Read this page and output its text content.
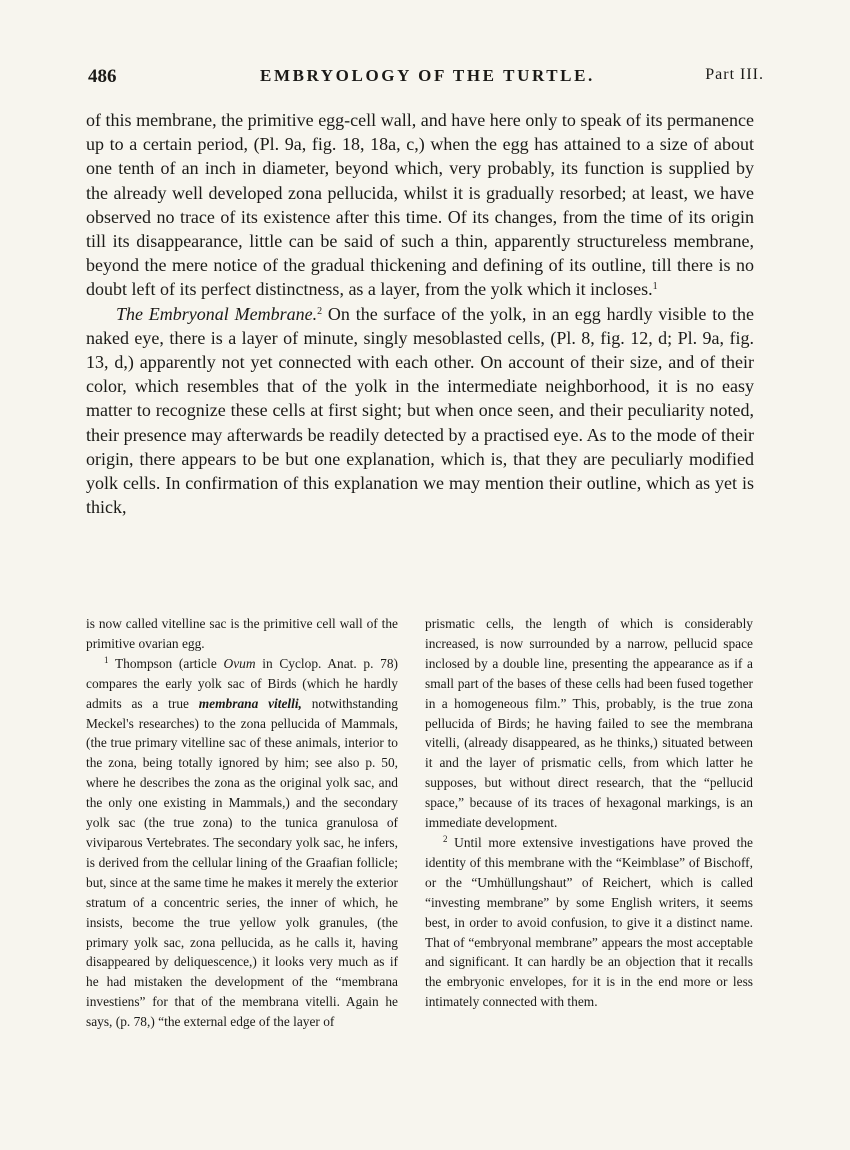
486	EMBRYOLOGY OF THE TURTLE.	Part III.

of this membrane, the primitive egg-cell wall, and have here only to speak of its permanence up to a certain period, (Pl. 9a, fig. 18, 18a, c,) when the egg has attained to a size of about one tenth of an inch in diameter, beyond which, very probably, its function is supplied by the already well developed zona pellucida, whilst it is gradually resorbed; at least, we have observed no trace of its existence after this time. Of its changes, from the time of its origin till its disappearance, little can be said of such a thin, apparently structureless membrane, beyond the mere notice of the gradual thickening and defining of its outline, till there is no doubt left of its perfect distinctness, as a layer, from the yolk which it incloses.$^1$

The Embryonal Membrane.$^2$ On the surface of the yolk, in an egg hardly visible to the naked eye, there is a layer of minute, singly mesoblasted cells, (Pl. 8, fig. 12, d; Pl. 9a, fig. 13, d,) apparently not yet connected with each other. On account of their size, and of their color, which resembles that of the yolk in the intermediate neighborhood, it is no easy matter to recognize these cells at first sight; but when once seen, and their peculiarity noted, their presence may afterwards be readily detected by a practised eye. As to the mode of their origin, there appears to be but one explanation, which is, that they are peculiarly modified yolk cells. In confirmation of this explanation we may mention their outline, which as yet is thick,

is now called vitelline sac is the primitive cell wall of the primitive ovarian egg.

$^1$ Thompson (article Ovum in Cyclop. Anat. p. 78) compares the early yolk sac of Birds (which he hardly admits as a true membrana vitelli, notwithstanding Meckel's researches) to the zona pellucida of Mammals, (the true primary vitelline sac of these animals, interior to the zona, being totally ignored by him; see also p. 50, where he describes the zona as the original yolk sac, and the only one existing in Mammals,) and the secondary yolk sac (the true zona) to the tunica granulosa of viviparous Vertebrates. The secondary yolk sac, he infers, is derived from the cellular lining of the Graafian follicle; but, since at the same time he makes it merely the exterior stratum of a concentric series, the inner of which, he insists, become the true yellow yolk granules, (the primary yolk sac, zona pellucida, as he calls it, having disappeared by deliquescence,) it looks very much as if he had mistaken the development of the “membrana investiens” for that of the membrana vitelli. Again he says, (p. 78,) “the external edge of the layer of

prismatic cells, the length of which is considerably increased, is now surrounded by a narrow, pellucid space inclosed by a double line, presenting the appearance as if a small part of the bases of these cells had been fused together in a homogeneous film.” This, probably, is the true zona pellucida of Birds; he having failed to see the membrana vitelli, (already disappeared, as he thinks,) situated between it and the layer of prismatic cells, from which latter he supposes, but without direct research, that the “pellucid space,” because of its traces of hexagonal markings, is an immediate development.

$^2$ Until more extensive investigations have proved the identity of this membrane with the “Keimblase” of Bischoff, or the “Umhüllungshaut” of Reichert, which is called “investing membrane” by some English writers, it seems best, in order to avoid confusion, to give it a distinct name. That of “embryonal membrane” appears the most acceptable and significant. It can hardly be an objection that it recalls the embryonic envelopes, for it is in the end more or less intimately connected with them.
